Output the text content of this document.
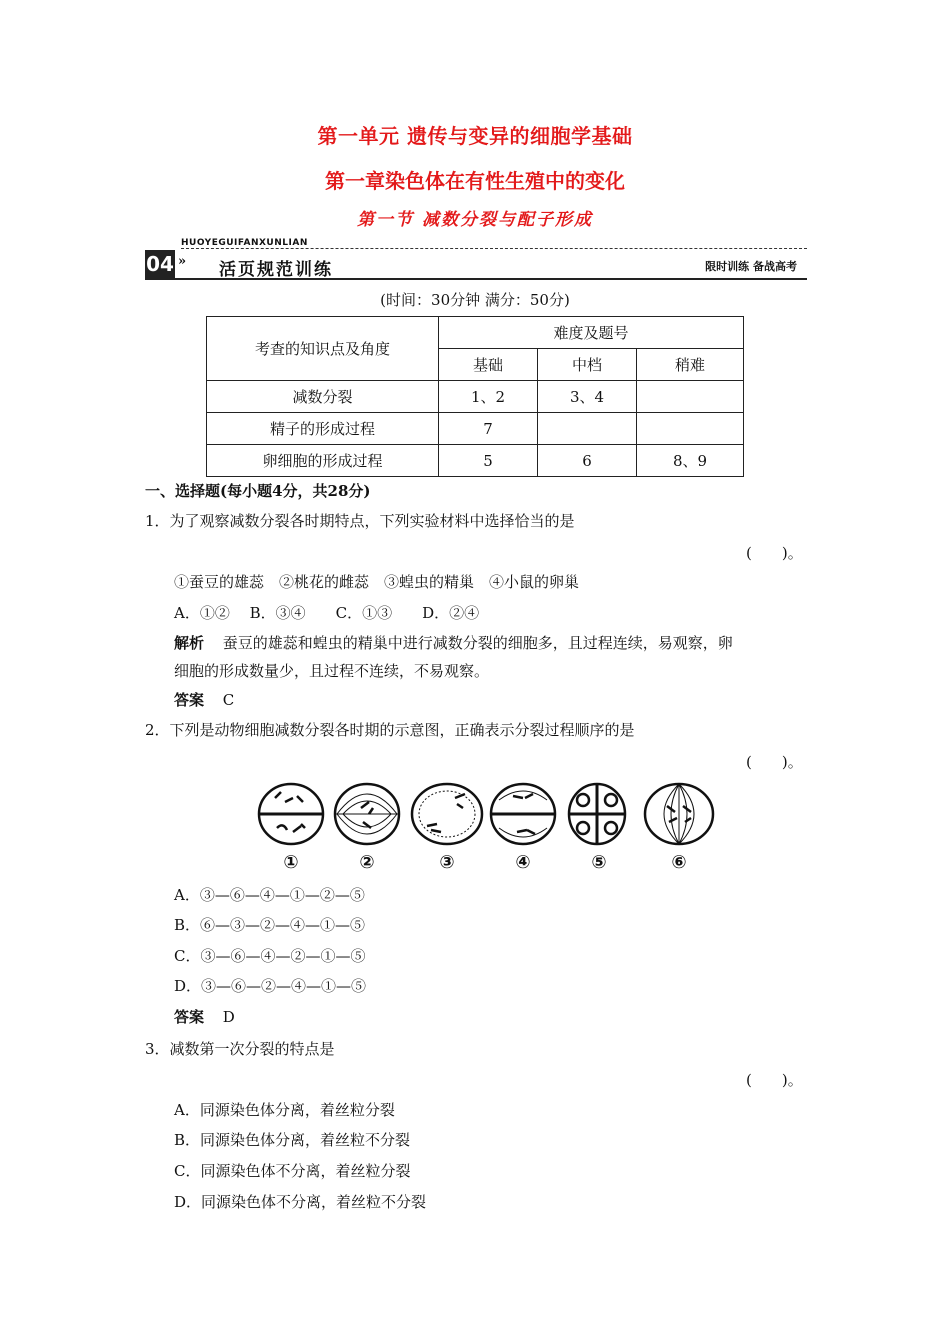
第一单元 遗传与变异的细胞学基础
第一章染色体在有性生殖中的变化
第一节 减数分裂与配子形成
HUOYEGUIFANXUNLIAN
04 » 活页规范训练	限时训练 备战高考
(时间：30分钟 满分：50分)
考查的知识点及角度	难度及题号		
	基础	中档	稍难
减数分裂	1、2	3、4	
精子的形成过程	7		
卵细胞的形成过程	5	6	8、9
一、选择题(每小题4分，共28分)
1．为了观察减数分裂各时期特点，下列实验材料中选择恰当的是
(　　)。
①蚕豆的雄蕊　②桃花的雌蕊　③蝗虫的精巢　④小鼠的卵巢
A．①②　 B．③④　　C．①③　　D．②④
解析 蚕豆的雄蕊和蝗虫的精巢中进行减数分裂的细胞多，且过程连续，易观察，卵
细胞的形成数量少，且过程不连续，不易观察。
答案 C
2．下列是动物细胞减数分裂各时期的示意图，正确表示分裂过程顺序的是
(　　)。
①	②	③	④	⑤	⑥
A．③—⑥—④—①—②—⑤
B．⑥—③—②—④—①—⑤
C．③—⑥—④—②—①—⑤
D．③—⑥—②—④—①—⑤
答案 D
3．减数第一次分裂的特点是
(　　)。
A．同源染色体分离，着丝粒分裂
B．同源染色体分离，着丝粒不分裂
C．同源染色体不分离，着丝粒分裂
D．同源染色体不分离，着丝粒不分裂
